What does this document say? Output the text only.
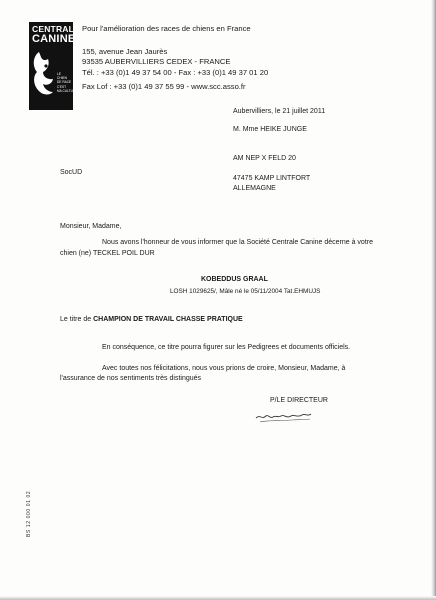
CENTRALE
CANINE
LE
CHIEN
DE RACE
C'EST
MA CULTURE
Pour l'amélioration des races de chiens en France
155, avenue Jean Jaurès
93535 AUBERVILLIERS CEDEX - FRANCE
Tél. : +33 (0)1 49 37 54 00 - Fax : +33 (0)1 49 37 01 20
Fax Lof : +33 (0)1 49 37 55 99 - www.scc.asso.fr
Aubervilliers, le 21 juillet 2011
M. Mme HEIKE JUNGE
AM NEP X FELD 20
SocUD
47475 KAMP LINTFORT
ALLEMAGNE
Monsieur, Madame,
Nous avons l'honneur de vous informer que la Société Centrale Canine décerne à votre
chien (ne) TECKEL POIL DUR
KOBEDDUS GRAAL
LOSH 1029625/, Mâle né le 05/11/2004 Tat.EHMUJS
Le titre de CHAMPION DE TRAVAIL CHASSE PRATIQUE
En conséquence, ce titre pourra figurer sur les Pedigrees et documents officiels.
Avec toutes nos félicitations, nous vous prions de croire, Monsieur, Madame, à
l'assurance de nos sentiments très distingués
P/LE DIRECTEUR
BS 12 000 01 02
